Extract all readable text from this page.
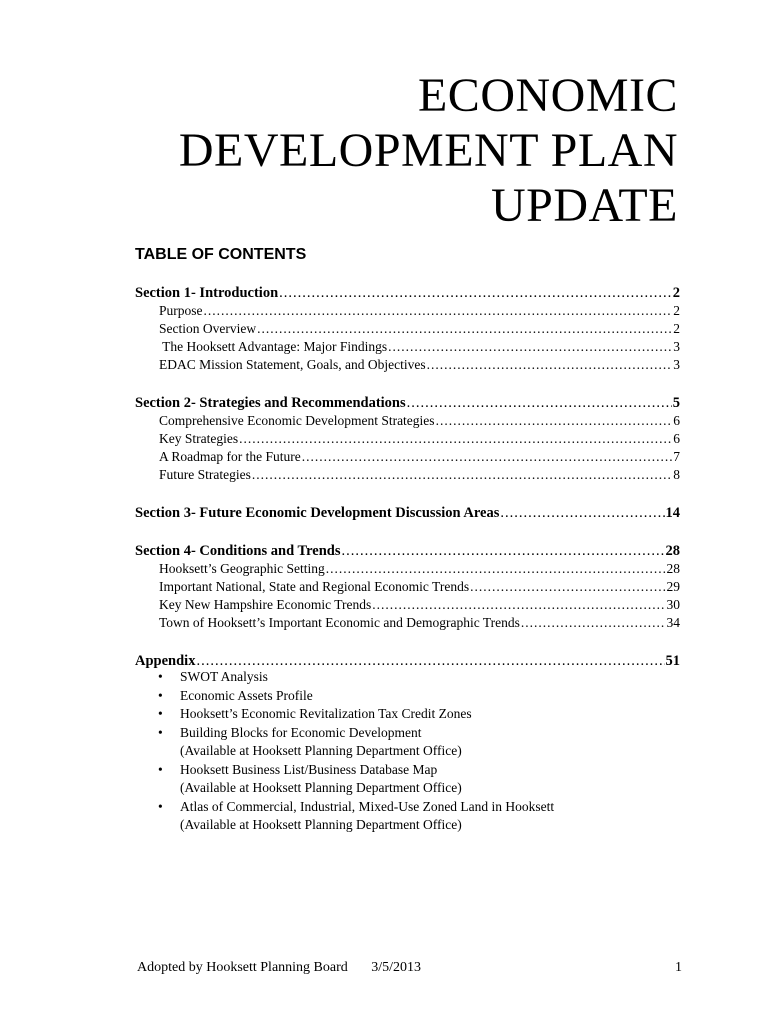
ECONOMIC
DEVELOPMENT PLAN
UPDATE
TABLE OF CONTENTS
Section 1- Introduction .....	2
Purpose .....	2
Section Overview .....	2
The Hooksett Advantage: Major Findings .....	3
EDAC Mission Statement, Goals, and Objectives .....	3
Section 2- Strategies and Recommendations .....	5
Comprehensive Economic Development Strategies .....	6
Key Strategies .....	6
A Roadmap for the Future .....	7
Future Strategies .....	8
Section 3- Future Economic Development Discussion Areas .....	14
Section 4- Conditions and Trends .....	28
Hooksett’s Geographic Setting .....	28
Important National, State and Regional Economic Trends .....	29
Key New Hampshire Economic Trends .....	30
Town of Hooksett’s Important Economic and Demographic Trends .....	34
Appendix .....	51
• SWOT Analysis
• Economic Assets Profile
• Hooksett’s Economic Revitalization Tax Credit Zones
• Building Blocks for Economic Development
(Available at Hooksett Planning Department Office)
• Hooksett Business List/Business Database Map
(Available at Hooksett Planning Department Office)
• Atlas of Commercial, Industrial, Mixed-Use Zoned Land in Hooksett
(Available at Hooksett Planning Department Office)
Adopted by Hooksett Planning Board 3/5/2013	1
